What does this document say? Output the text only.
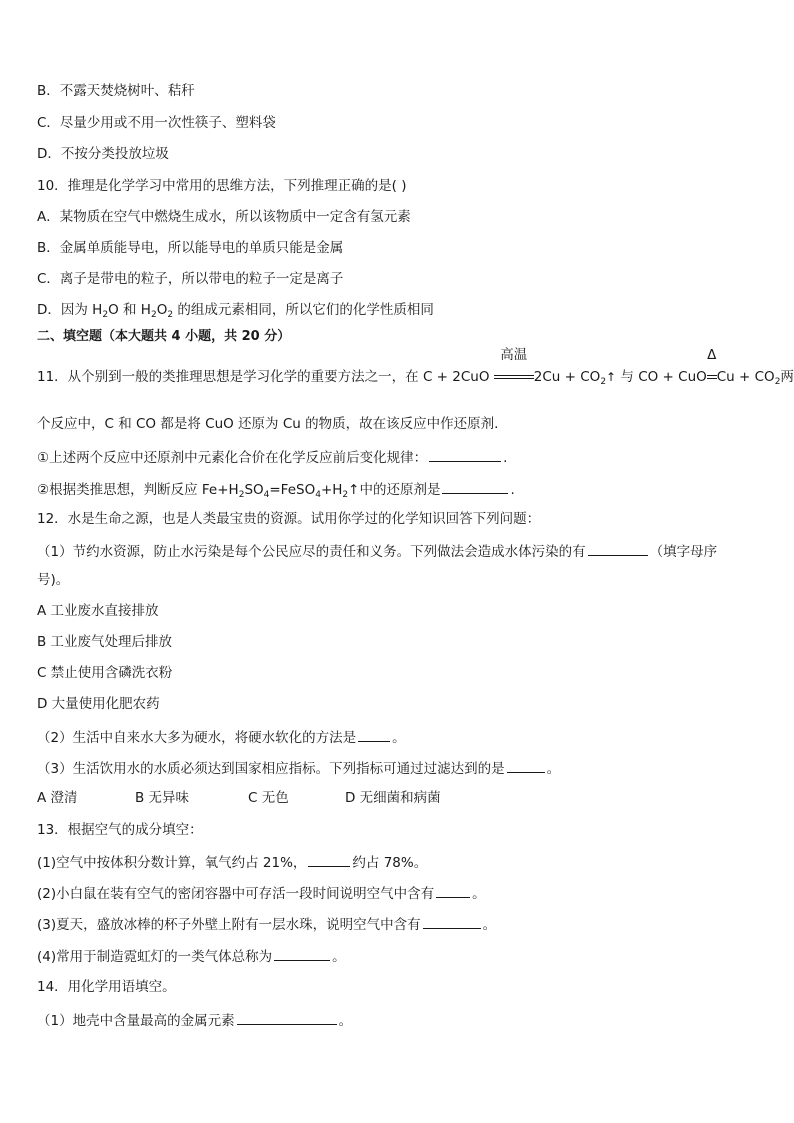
B．不露天焚烧树叶、秸秆
C．尽量少用或不用一次性筷子、塑料袋
D．不按分类投放垃圾
10．推理是化学学习中常用的思维方法，下列推理正确的是( )
A．某物质在空气中燃烧生成水，所以该物质中一定含有氢元素
B．金属单质能导电，所以能导电的单质只能是金属
C．离子是带电的粒子，所以带电的粒子一定是离子
D．因为 $H_2O$ 和 $H_2O_2$ 的组成元素相同，所以它们的化学性质相同
二、填空题（本大题共 4 小题，共 20 分）
11．从个别到一般的类推理思想是学习化学的重要方法之一，在 C + 2CuO
高温
$2Cu + CO_2↑$ 与 CO + CuO
Δ
$Cu + CO_2$两
个反应中，C 和 CO 都是将 CuO 还原为 Cu 的物质，故在该反应中作还原剂.
①上述两个反应中还原剂中元素化合价在化学反应前后变化规律：	.
②根据类推思想，判断反应 $Fe+H_2SO_4=FeSO_4+H_2↑$中的还原剂是	.
12．水是生命之源，也是人类最宝贵的资源。试用你学过的化学知识回答下列问题：
（1）节约水资源，防止水污染是每个公民应尽的责任和义务。下列做法会造成水体污染的有	（填字母序
号)。
A 工业废水直接排放
B 工业废气处理后排放
C 禁止使用含磷洗衣粉
D 大量使用化肥农药
（2）生活中自来水大多为硬水，将硬水软化的方法是	。
（3）生活饮用水的水质必须达到国家相应指标。下列指标可通过过滤达到的是	。
A 澄清	B 无异味	C 无色	D 无细菌和病菌
13．根据空气的成分填空：
(1)空气中按体积分数计算，氧气约占 21%，	约占 78%。
(2)小白鼠在装有空气的密闭容器中可存活一段时间说明空气中含有	。
(3)夏天，盛放冰棒的杯子外壁上附有一层水珠，说明空气中含有	。
(4)常用于制造霓虹灯的一类气体总称为	。
14．用化学用语填空。
（1）地壳中含量最高的金属元素	。
